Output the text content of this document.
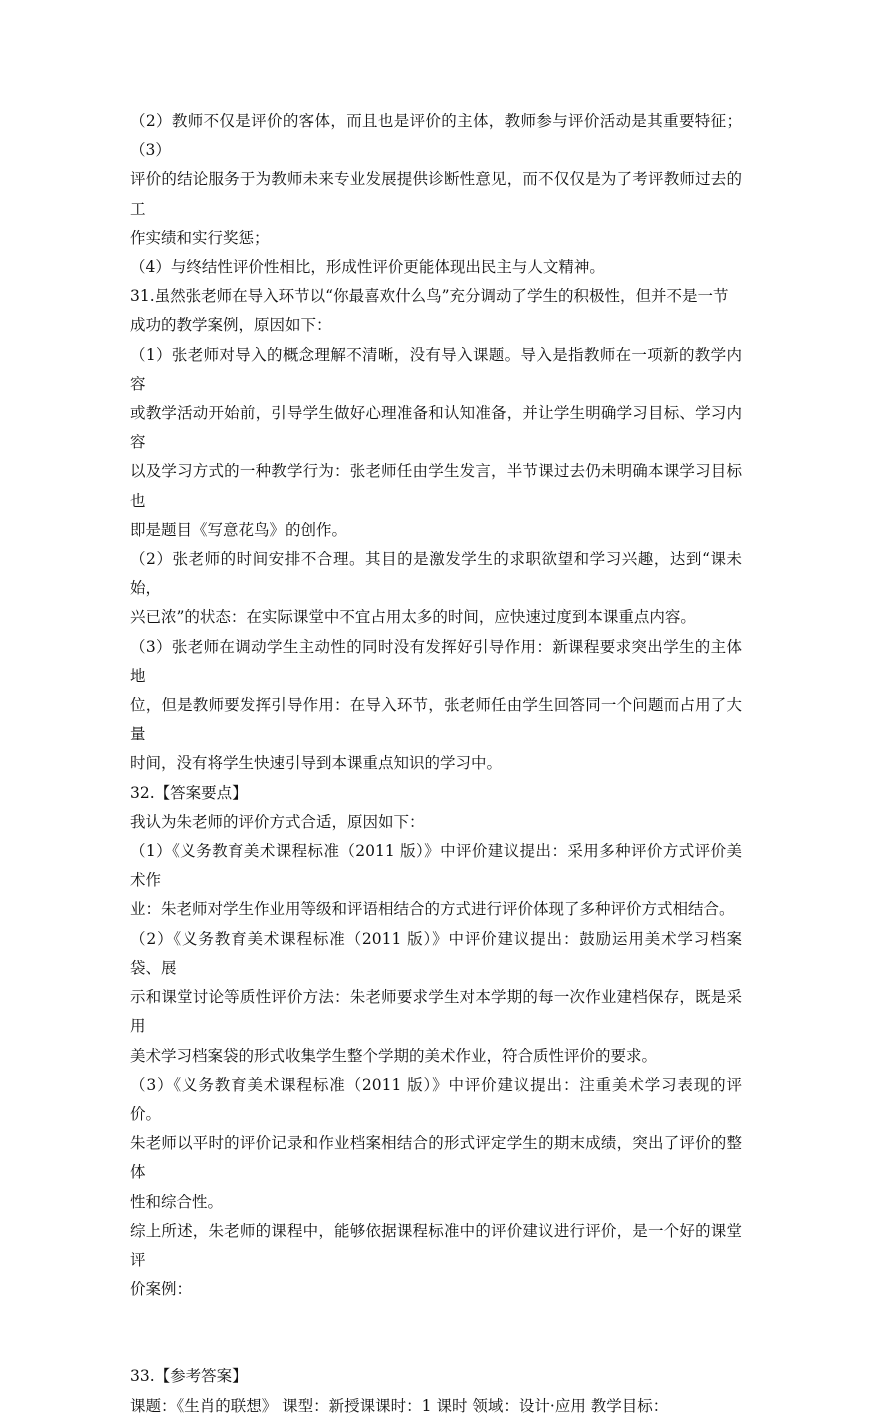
（2）教师不仅是评价的客体，而且也是评价的主体，教师参与评价活动是其重要特征；（3）

评价的结论服务于为教师未来专业发展提供诊断性意见，而不仅仅是为了考评教师过去的工

作实绩和实行奖惩；

（4）与终结性评价性相比，形成性评价更能体现出民主与人文精神。

31.虽然张老师在导入环节以“你最喜欢什么鸟”充分调动了学生的积极性，但并不是一节

成功的教学案例，原因如下：

（1）张老师对导入的概念理解不清晰，没有导入课题。导入是指教师在一项新的教学内容

或教学活动开始前，引导学生做好心理准备和认知准备，并让学生明确学习目标、学习内容

以及学习方式的一种教学行为：张老师任由学生发言，半节课过去仍未明确本课学习目标也

即是题目《写意花鸟》的创作。

（2）张老师的时间安排不合理。其目的是激发学生的求职欲望和学习兴趣，达到“课未始，

兴已浓”的状态：在实际课堂中不宜占用太多的时间，应快速过度到本课重点内容。

（3）张老师在调动学生主动性的同时没有发挥好引导作用：新课程要求突出学生的主体地

位，但是教师要发挥引导作用：在导入环节，张老师任由学生回答同一个问题而占用了大量

时间，没有将学生快速引导到本课重点知识的学习中。

32.【答案要点】

我认为朱老师的评价方式合适，原因如下：

（1）《义务教育美术课程标准（2011 版）》中评价建议提出：采用多种评价方式评价美术作

业：朱老师对学生作业用等级和评语相结合的方式进行评价体现了多种评价方式相结合。

（2）《义务教育美术课程标准（2011 版）》中评价建议提出：鼓励运用美术学习档案袋、展

示和课堂讨论等质性评价方法：朱老师要求学生对本学期的每一次作业建档保存，既是采用

美术学习档案袋的形式收集学生整个学期的美术作业，符合质性评价的要求。

（3）《义务教育美术课程标准（2011 版）》中评价建议提出：注重美术学习表现的评价。

朱老师以平时的评价记录和作业档案相结合的形式评定学生的期末成绩，突出了评价的整体

性和综合性。

综上所述，朱老师的课程中，能够依据课程标准中的评价建议进行评价，是一个好的课堂评

价案例：

33.【参考答案】

课题：《生肖的联想》 课型：新授课课时：1 课时 领域：设计·应用 教学目标：
